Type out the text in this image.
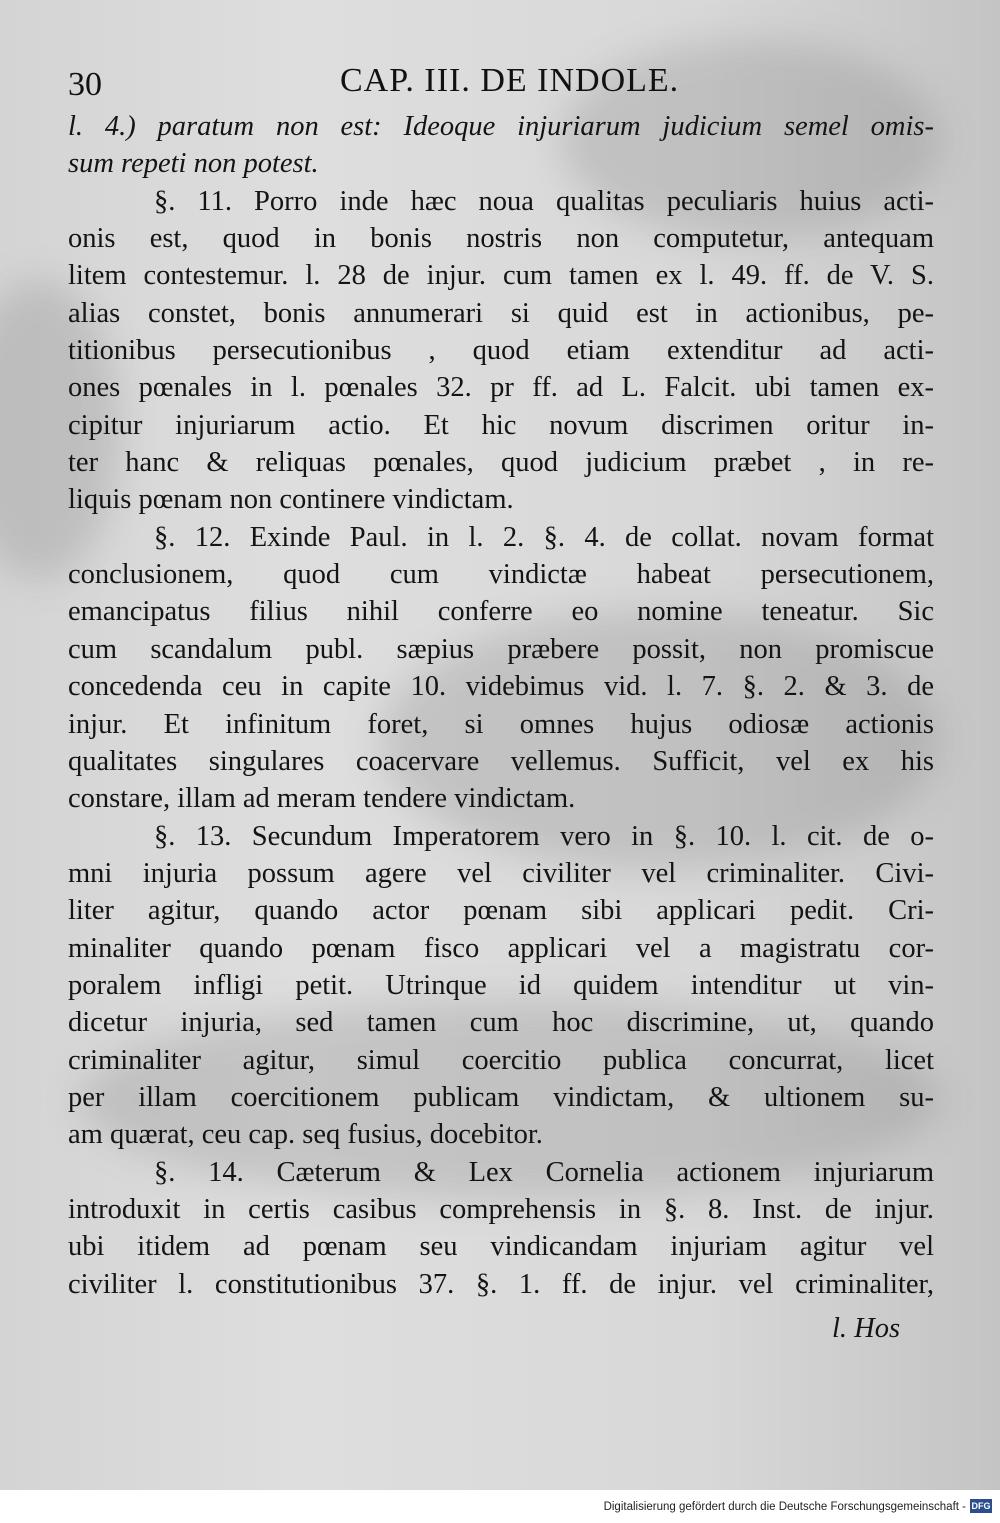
30	CAP. III. DE INDOLE.
l. 4.) paratum non est: Ideoque injuriarum judicium semel omis-
sum repeti non potest.
§. 11. Porro inde hæc noua qualitas peculiaris huius acti-
onis est, quod in bonis nostris non computetur, antequam
litem contestemur. l. 28 de injur. cum tamen ex l. 49. ff. de V. S.
alias constet, bonis annumerari si quid est in actionibus, pe-
titionibus persecutionibus , quod etiam extenditur ad acti-
ones pœnales in l. pœnales 32. pr ff. ad L. Falcit. ubi tamen ex-
cipitur injuriarum actio. Et hic novum discrimen oritur in-
ter hanc & reliquas pœnales, quod judicium præbet , in re-
liquis pœnam non continere vindictam.
§. 12. Exinde Paul. in l. 2. §. 4. de collat. novam format
conclusionem, quod cum vindictæ habeat persecutionem,
emancipatus filius nihil conferre eo nomine teneatur. Sic
cum scandalum publ. sæpius præbere possit, non promiscue
concedenda ceu in capite 10. videbimus vid. l. 7. §. 2. & 3. de
injur. Et infinitum foret, si omnes hujus odiosæ actionis
qualitates singulares coacervare vellemus. Sufficit, vel ex his
constare, illam ad meram tendere vindictam.
§. 13. Secundum Imperatorem vero in §. 10. l. cit. de o-
mni injuria possum agere vel civiliter vel criminaliter. Civi-
liter agitur, quando actor pœnam sibi applicari pedit. Cri-
minaliter quando pœnam fisco applicari vel a magistratu cor-
poralem infligi petit. Utrinque id quidem intenditur ut vin-
dicetur injuria, sed tamen cum hoc discrimine, ut, quando
criminaliter agitur, simul coercitio publica concurrat, licet
per illam coercitionem publicam vindictam, & ultionem su-
am quærat, ceu cap. seq fusius, docebitor.
§. 14. Cæterum & Lex Cornelia actionem injuriarum
introduxit in certis casibus comprehensis in §. 8. Inst. de injur.
ubi itidem ad pœnam seu vindicandam injuriam agitur vel
civiliter l. constitutionibus 37. §. 1. ff. de injur. vel criminaliter,
l. Hos
Digitalisierung gefördert durch die Deutsche Forschungsgemeinschaft - DFG
